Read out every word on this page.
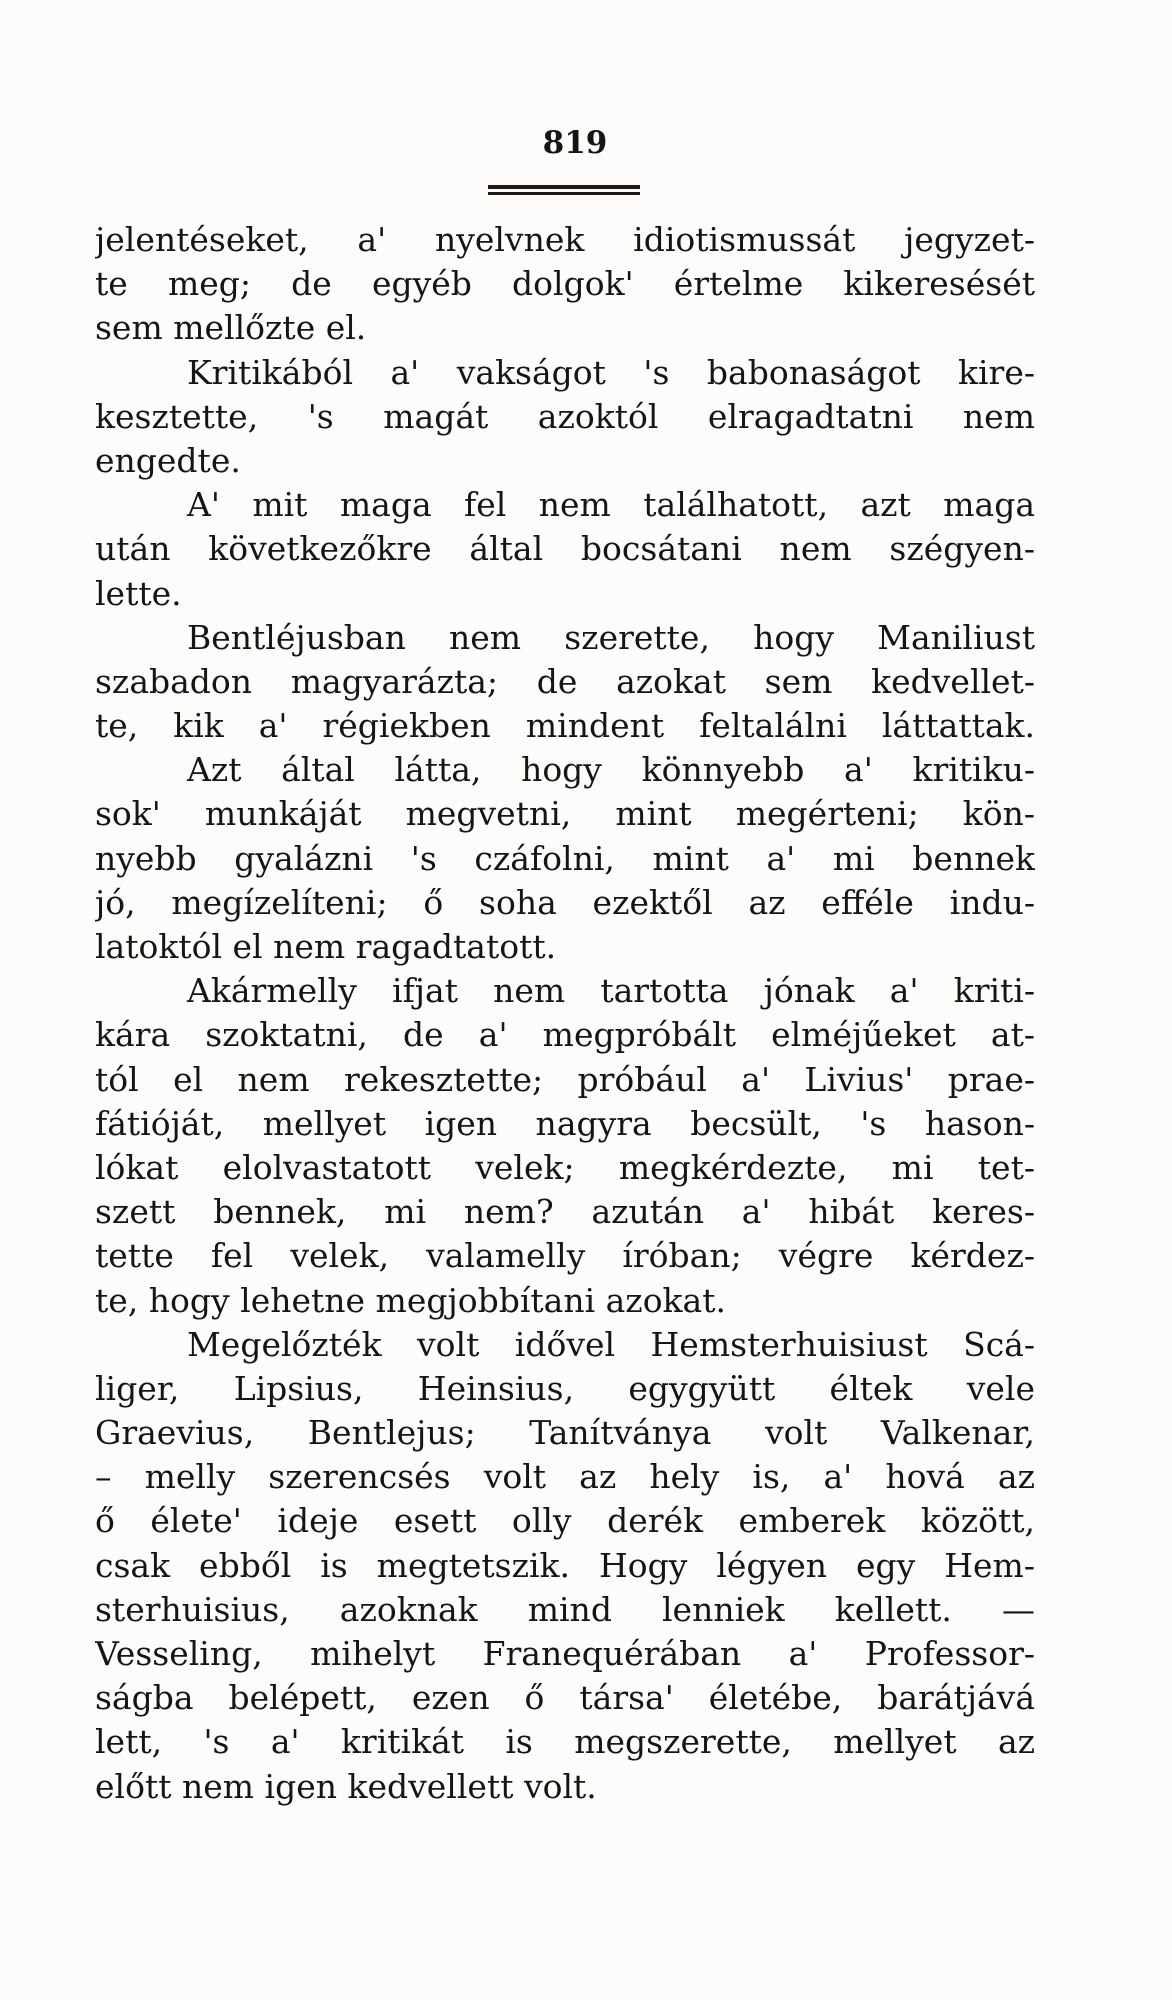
819
jelentéseket, a' nyelvnek idiotismussát jegyzet-
te meg; de egyéb dolgok' értelme kikeresését
sem mellőzte el.
Kritikából a' vakságot 's babonaságot kire-
kesztette, 's magát azoktól elragadtatni nem
engedte.
A' mit maga fel nem találhatott, azt maga
után következőkre által bocsátani nem szégyen-
lette.
Bentléjusban nem szerette, hogy Maniliust
szabadon magyarázta; de azokat sem kedvellet-
te, kik a' régiekben mindent feltalálni láttattak.
Azt által látta, hogy könnyebb a' kritiku-
sok' munkáját megvetni, mint megérteni; kön-
nyebb gyalázni 's czáfolni, mint a' mi bennek
jó, megízelíteni; ő soha ezektől az efféle indu-
latoktól el nem ragadtatott.
Akármelly ifjat nem tartotta jónak a' kriti-
kára szoktatni, de a' megpróbált elméjűeket at-
tól el nem rekesztette; próbául a' Livius' prae-
fátióját, mellyet igen nagyra becsült, 's hason-
lókat elolvastatott velek; megkérdezte, mi tet-
szett bennek, mi nem? azután a' hibát keres-
tette fel velek, valamelly íróban; végre kérdez-
te, hogy lehetne megjobbítani azokat.
Megelőzték volt idővel Hemsterhuisiust Scá-
liger, Lipsius, Heinsius, egygyütt éltek vele
Graevius, Bentlejus; Tanítványa volt Valkenar,
– melly szerencsés volt az hely is, a' hová az
ő élete' ideje esett olly derék emberek között,
csak ebből is megtetszik. Hogy légyen egy Hem-
sterhuisius, azoknak mind lenniek kellett. —
Vesseling, mihelyt Franequérában a' Professor-
ságba belépett, ezen ő társa' életébe, barátjává
lett, 's a' kritikát is megszerette, mellyet az
előtt nem igen kedvellett volt.
